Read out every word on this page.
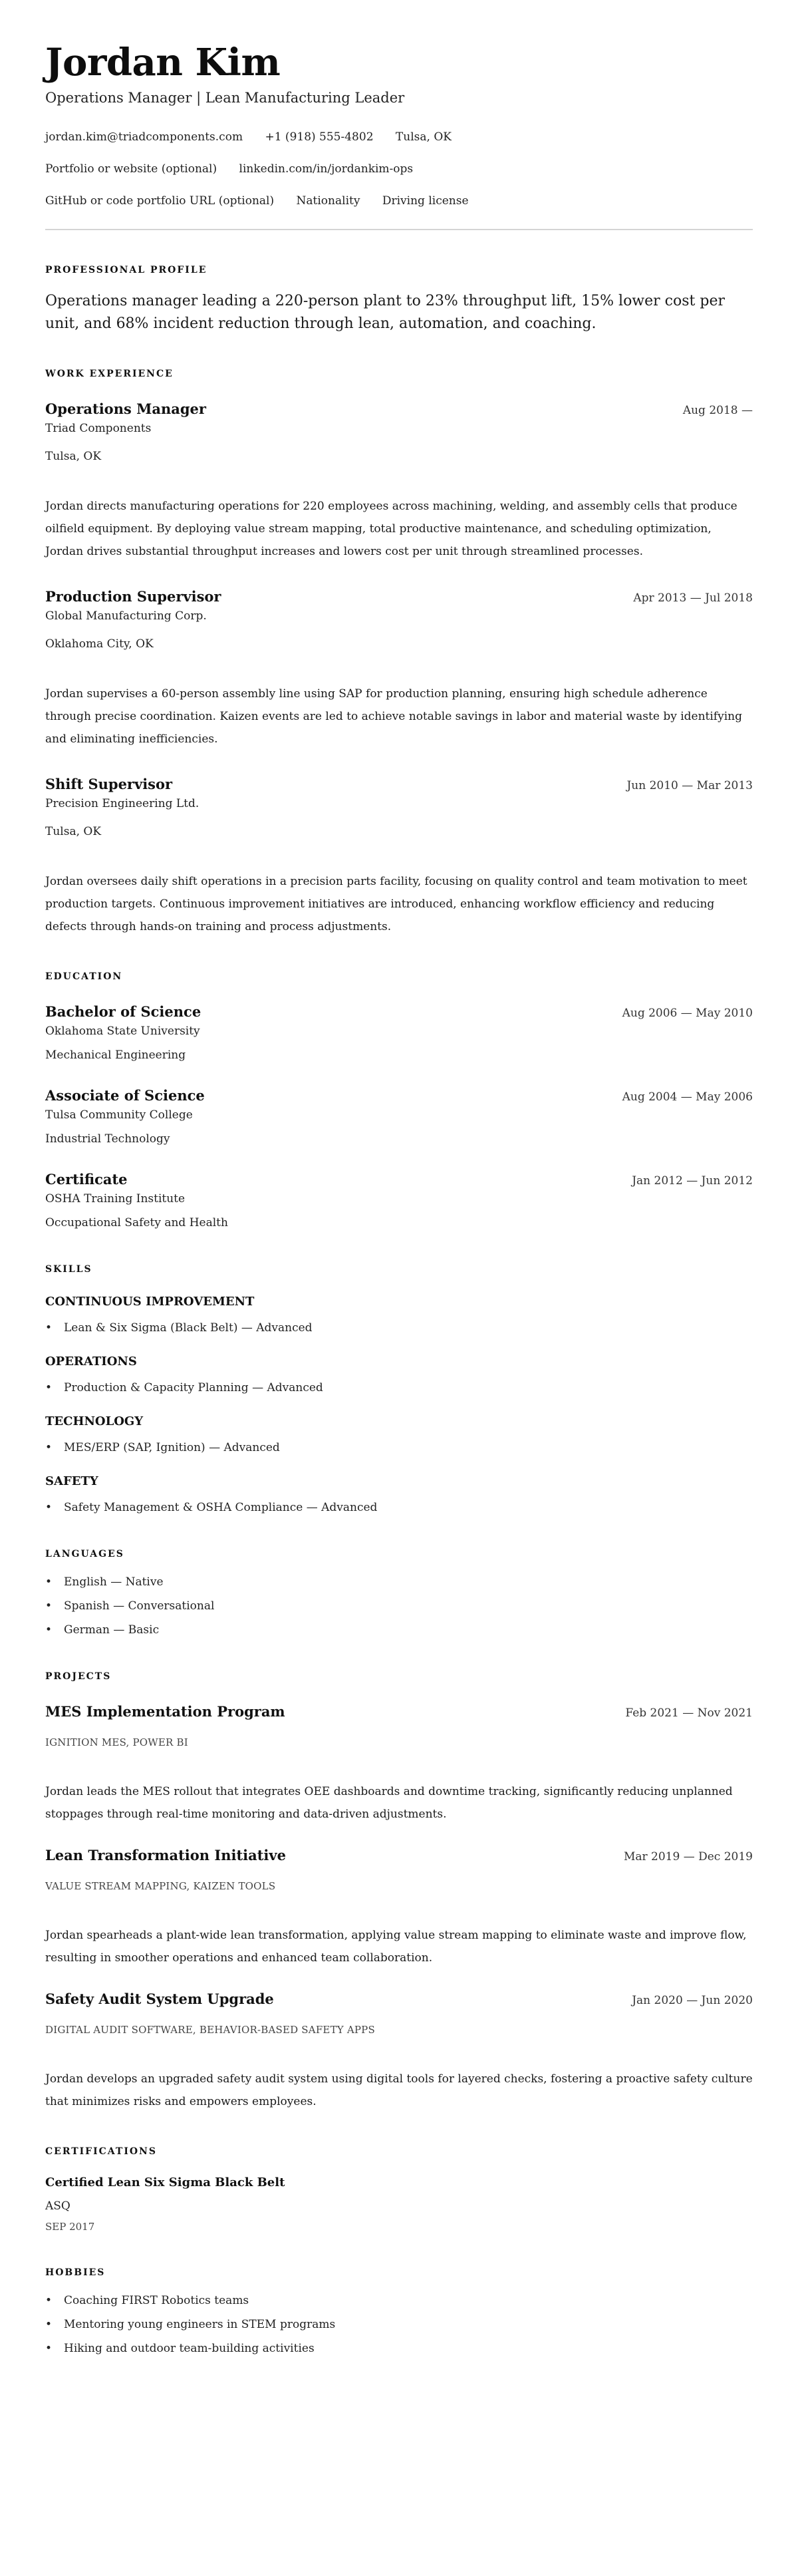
Jordan Kim
Operations Manager | Lean Manufacturing Leader
jordan.kim@triadcomponents.com +1 (918) 555-4802 Tulsa, OK
Portfolio or website (optional) linkedin.com/in/jordankim-ops
GitHub or code portfolio URL (optional) Nationality Driving license
PROFESSIONAL PROFILE

Operations manager leading a 220-person plant to 23% throughput lift, 15% lower cost per unit, and 68% incident reduction through lean, automation, and coaching.

WORK EXPERIENCE
Operations Manager	Aug 2018 —
Triad Components
Tulsa, OK

Jordan directs manufacturing operations for 220 employees across machining, welding, and assembly cells that produce oilfield equipment. By deploying value stream mapping, total productive maintenance, and scheduling optimization, Jordan drives substantial throughput increases and lowers cost per unit through streamlined processes.

Production Supervisor	Apr 2013 — Jul 2018
Global Manufacturing Corp.
Oklahoma City, OK

Jordan supervises a 60-person assembly line using SAP for production planning, ensuring high schedule adherence through precise coordination. Kaizen events are led to achieve notable savings in labor and material waste by identifying and eliminating inefficiencies.

Shift Supervisor	Jun 2010 — Mar 2013
Precision Engineering Ltd.
Tulsa, OK

Jordan oversees daily shift operations in a precision parts facility, focusing on quality control and team motivation to meet production targets. Continuous improvement initiatives are introduced, enhancing workflow efficiency and reducing defects through hands-on training and process adjustments.

EDUCATION
Bachelor of Science	Aug 2006 — May 2010
Oklahoma State University
Mechanical Engineering
Associate of Science	Aug 2004 — May 2006
Tulsa Community College
Industrial Technology
Certificate	Jan 2012 — Jun 2012
OSHA Training Institute
Occupational Safety and Health
SKILLS
CONTINUOUS IMPROVEMENT
• Lean & Six Sigma (Black Belt) — Advanced
OPERATIONS
• Production & Capacity Planning — Advanced
TECHNOLOGY
• MES/ERP (SAP, Ignition) — Advanced
SAFETY
• Safety Management & OSHA Compliance — Advanced
LANGUAGES
• English — Native
• Spanish — Conversational
• German — Basic
PROJECTS
MES Implementation Program	Feb 2021 — Nov 2021
IGNITION MES, POWER BI

Jordan leads the MES rollout that integrates OEE dashboards and downtime tracking, significantly reducing unplanned stoppages through real-time monitoring and data-driven adjustments.

Lean Transformation Initiative	Mar 2019 — Dec 2019
VALUE STREAM MAPPING, KAIZEN TOOLS

Jordan spearheads a plant-wide lean transformation, applying value stream mapping to eliminate waste and improve flow, resulting in smoother operations and enhanced team collaboration.

Safety Audit System Upgrade	Jan 2020 — Jun 2020
DIGITAL AUDIT SOFTWARE, BEHAVIOR-BASED SAFETY APPS

Jordan develops an upgraded safety audit system using digital tools for layered checks, fostering a proactive safety culture that minimizes risks and empowers employees.

CERTIFICATIONS
Certified Lean Six Sigma Black Belt
ASQ
SEP 2017
HOBBIES
• Coaching FIRST Robotics teams
• Mentoring young engineers in STEM programs
• Hiking and outdoor team-building activities
